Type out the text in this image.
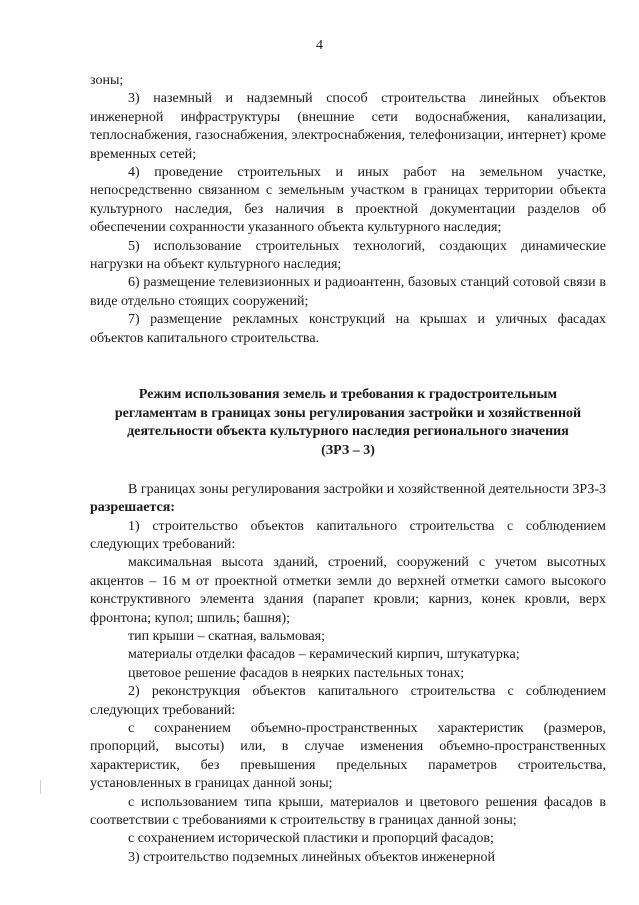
4

зоны;

3) наземный и надземный способ строительства линейных объектов инженерной инфраструктуры (внешние сети водоснабжения, канализации, теплоснабжения, газоснабжения, электроснабжения, телефонизации, интернет) кроме временных сетей;

4) проведение строительных и иных работ на земельном участке, непосредственно связанном с земельным участком в границах территории объекта культурного наследия, без наличия в проектной документации разделов об обеспечении сохранности указанного объекта культурного наследия;

5) использование строительных технологий, создающих динамические нагрузки на объект культурного наследия;

6) размещение телевизионных и радиоантенн, базовых станций сотовой связи в виде отдельно стоящих сооружений;

7) размещение рекламных конструкций на крышах и уличных фасадах объектов капитального строительства.

Режим использования земель и требования к градостроительным

регламентам в границах зоны регулирования застройки и хозяйственной

деятельности объекта культурного наследия регионального значения

(ЗРЗ – 3)

В границах зоны регулирования застройки и хозяйственной деятельности ЗРЗ-3 разрешается:

1) строительство объектов капитального строительства с соблюдением следующих требований:

максимальная высота зданий, строений, сооружений с учетом высотных акцентов – 16 м от проектной отметки земли до верхней отметки самого высокого конструктивного элемента здания (парапет кровли; карниз, конек кровли, верх фронтона; купол; шпиль; башня);

тип крыши – скатная, вальмовая;

материалы отделки фасадов – керамический кирпич, штукатурка;

цветовое решение фасадов в неярких пастельных тонах;

2) реконструкция объектов капитального строительства с соблюдением следующих требований:

с сохранением объемно-пространственных характеристик (размеров, пропорций, высоты) или, в случае изменения объемно-пространственных характеристик, без превышения предельных параметров строительства, установленных в границах данной зоны;

с использованием типа крыши, материалов и цветового решения фасадов в соответствии с требованиями к строительству в границах данной зоны;

с сохранением исторической пластики и пропорций фасадов;

3) строительство подземных линейных объектов инженерной
